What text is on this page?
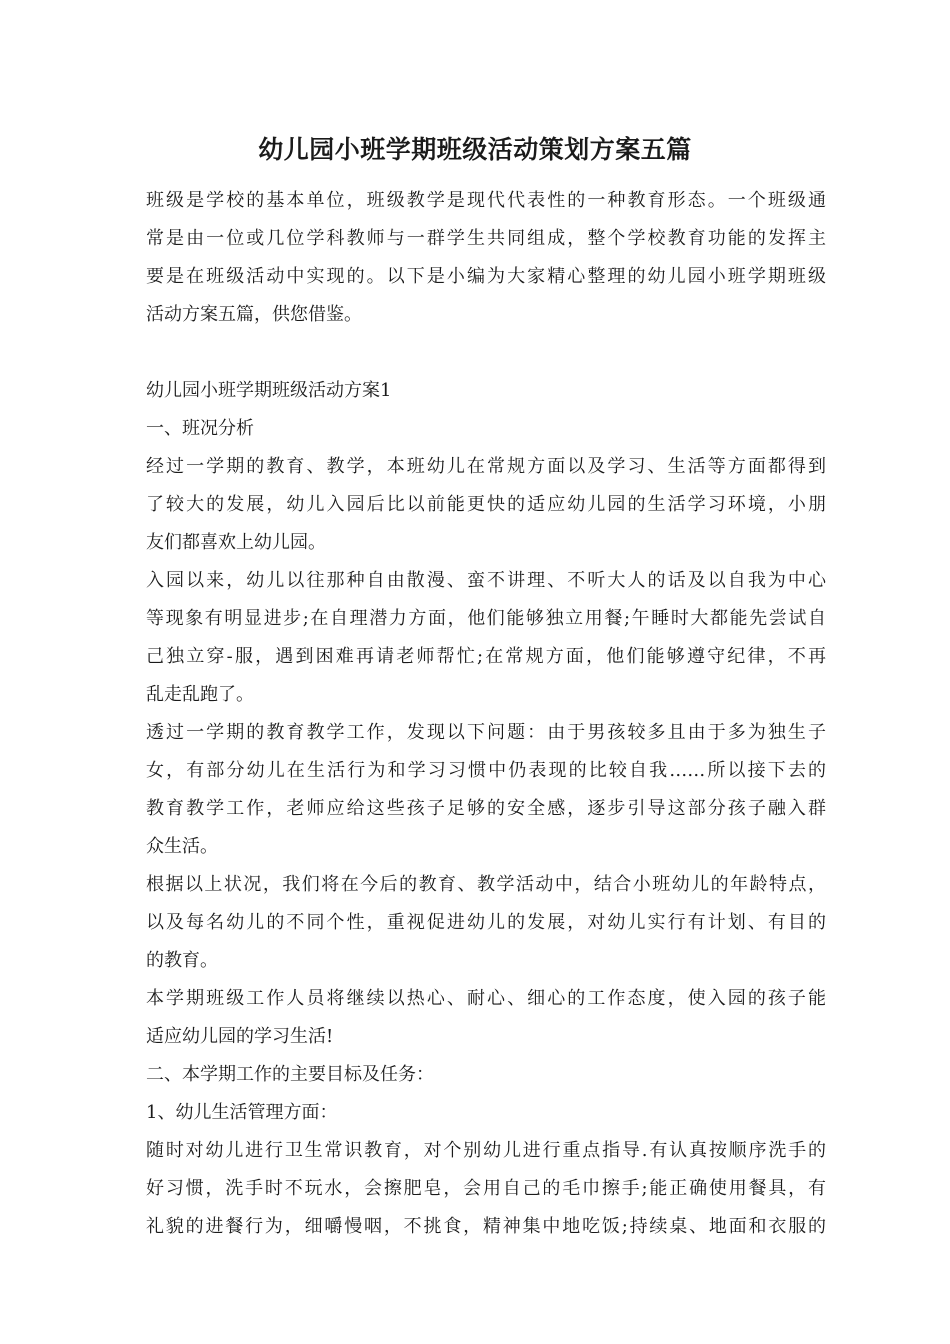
幼儿园小班学期班级活动策划方案五篇
班级是学校的基本单位，班级教学是现代代表性的一种教育形态。一个班级通
常是由一位或几位学科教师与一群学生共同组成，整个学校教育功能的发挥主
要是在班级活动中实现的。以下是小编为大家精心整理的幼儿园小班学期班级
活动方案五篇，供您借鉴。
幼儿园小班学期班级活动方案1
一、班况分析
经过一学期的教育、教学，本班幼儿在常规方面以及学习、生活等方面都得到
了较大的发展，幼儿入园后比以前能更快的适应幼儿园的生活学习环境，小朋
友们都喜欢上幼儿园。
入园以来，幼儿以往那种自由散漫、蛮不讲理、不听大人的话及以自我为中心
等现象有明显进步;在自理潜力方面，他们能够独立用餐;午睡时大都能先尝试自
己独立穿-服，遇到困难再请老师帮忙;在常规方面，他们能够遵守纪律，不再
乱走乱跑了。
透过一学期的教育教学工作，发现以下问题：由于男孩较多且由于多为独生子
女，有部分幼儿在生活行为和学习习惯中仍表现的比较自我……所以接下去的
教育教学工作，老师应给这些孩子足够的安全感，逐步引导这部分孩子融入群
众生活。
根据以上状况，我们将在今后的教育、教学活动中，结合小班幼儿的年龄特点，
以及每名幼儿的不同个性，重视促进幼儿的发展，对幼儿实行有计划、有目的
的教育。
本学期班级工作人员将继续以热心、耐心、细心的工作态度，使入园的孩子能
适应幼儿园的学习生活!
二、本学期工作的主要目标及任务：
1、幼儿生活管理方面：
随时对幼儿进行卫生常识教育，对个别幼儿进行重点指导.有认真按顺序洗手的
好习惯，洗手时不玩水，会擦肥皂，会用自己的毛巾擦手;能正确使用餐具，有
礼貌的进餐行为，细嚼慢咽，不挑食，精神集中地吃饭;持续桌、地面和衣服的
